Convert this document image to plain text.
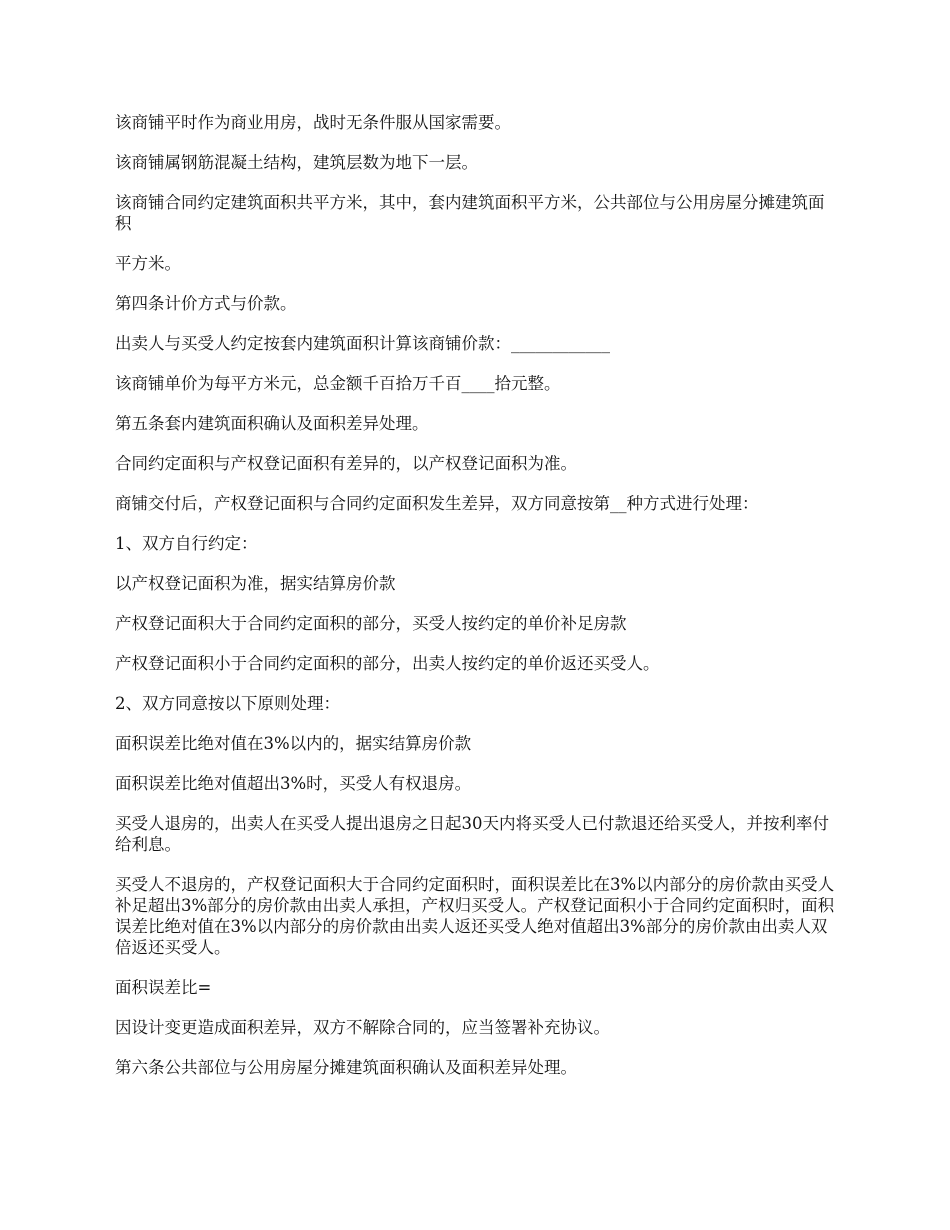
该商铺平时作为商业用房，战时无条件服从国家需要。

该商铺属钢筋混凝土结构，建筑层数为地下一层。

该商铺合同约定建筑面积共平方米，其中，套内建筑面积平方米，公共部位与公用房屋分摊建筑面积

平方米。

第四条计价方式与价款。

出卖人与买受人约定按套内建筑面积计算该商铺价款：____________

该商铺单价为每平方米元，总金额千百拾万千百____拾元整。

第五条套内建筑面积确认及面积差异处理。

合同约定面积与产权登记面积有差异的，以产权登记面积为准。

商铺交付后，产权登记面积与合同约定面积发生差异，双方同意按第__种方式进行处理：

1、双方自行约定：

以产权登记面积为准，据实结算房价款

产权登记面积大于合同约定面积的部分，买受人按约定的单价补足房款

产权登记面积小于合同约定面积的部分，出卖人按约定的单价返还买受人。

2、双方同意按以下原则处理：

面积误差比绝对值在3%以内的，据实结算房价款

面积误差比绝对值超出3%时，买受人有权退房。

买受人退房的，出卖人在买受人提出退房之日起30天内将买受人已付款退还给买受人，并按利率付给利息。

买受人不退房的，产权登记面积大于合同约定面积时，面积误差比在3%以内部分的房价款由买受人补足超出3%部分的房价款由出卖人承担，产权归买受人。产权登记面积小于合同约定面积时，面积误差比绝对值在3%以内部分的房价款由出卖人返还买受人绝对值超出3%部分的房价款由出卖人双倍返还买受人。

面积误差比=

因设计变更造成面积差异，双方不解除合同的，应当签署补充协议。

第六条公共部位与公用房屋分摊建筑面积确认及面积差异处理。
